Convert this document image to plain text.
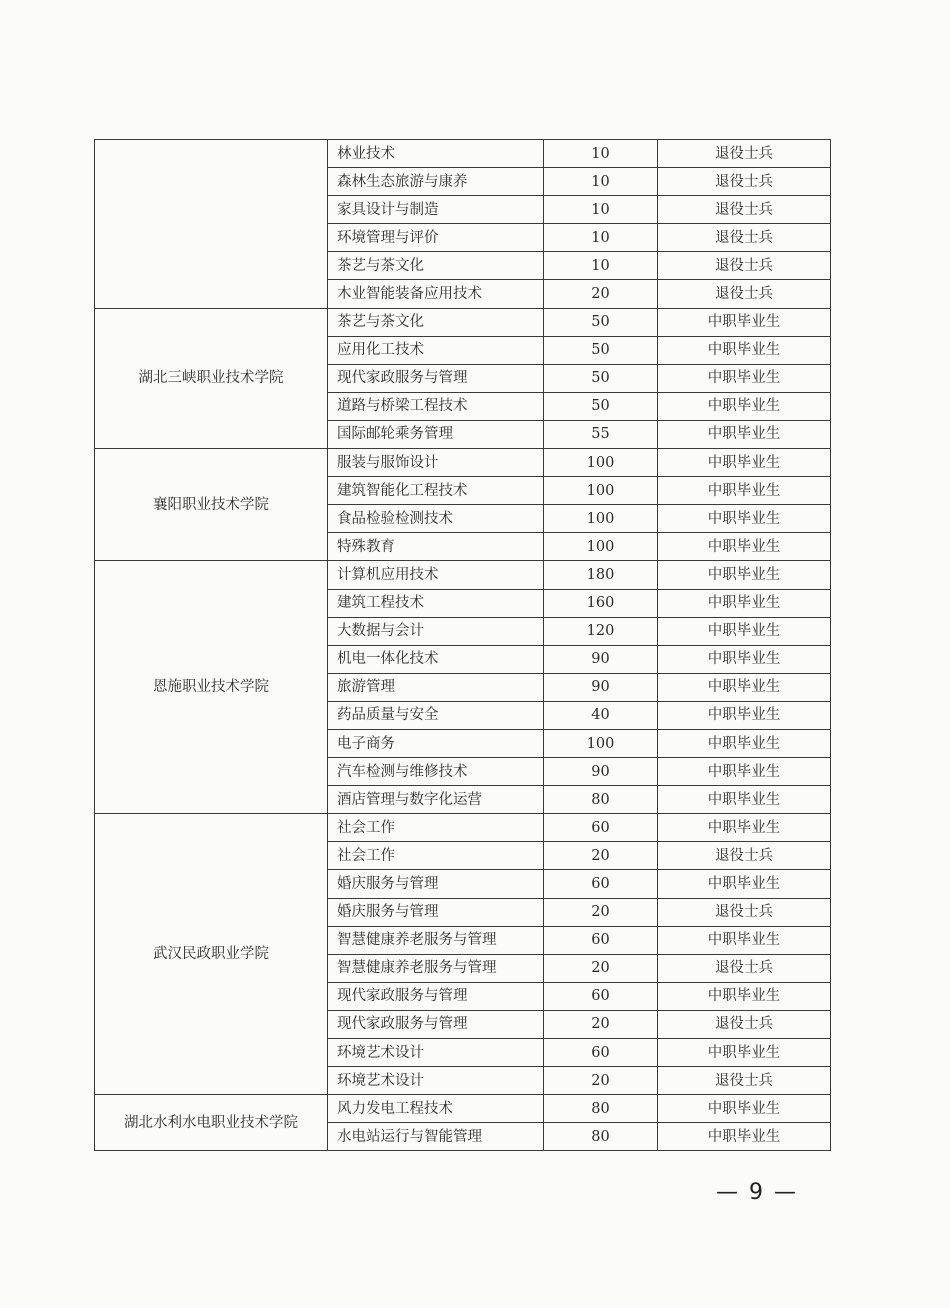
	林业技术	10	退役士兵
	森林生态旅游与康养	10	退役士兵
	家具设计与制造	10	退役士兵
	环境管理与评价	10	退役士兵
	茶艺与茶文化	10	退役士兵
	木业智能装备应用技术	20	退役士兵
湖北三峡职业技术学院	茶艺与茶文化	50	中职毕业生
	应用化工技术	50	中职毕业生
	现代家政服务与管理	50	中职毕业生
	道路与桥梁工程技术	50	中职毕业生
	国际邮轮乘务管理	55	中职毕业生
襄阳职业技术学院	服装与服饰设计	100	中职毕业生
	建筑智能化工程技术	100	中职毕业生
	食品检验检测技术	100	中职毕业生
	特殊教育	100	中职毕业生
恩施职业技术学院	计算机应用技术	180	中职毕业生
	建筑工程技术	160	中职毕业生
	大数据与会计	120	中职毕业生
	机电一体化技术	90	中职毕业生
	旅游管理	90	中职毕业生
	药品质量与安全	40	中职毕业生
	电子商务	100	中职毕业生
	汽车检测与维修技术	90	中职毕业生
	酒店管理与数字化运营	80	中职毕业生
武汉民政职业学院	社会工作	60	中职毕业生
	社会工作	20	退役士兵
	婚庆服务与管理	60	中职毕业生
	婚庆服务与管理	20	退役士兵
	智慧健康养老服务与管理	60	中职毕业生
	智慧健康养老服务与管理	20	退役士兵
	现代家政服务与管理	60	中职毕业生
	现代家政服务与管理	20	退役士兵
	环境艺术设计	60	中职毕业生
	环境艺术设计	20	退役士兵
湖北水利水电职业技术学院	风力发电工程技术	80	中职毕业生
	水电站运行与智能管理	80	中职毕业生
— 9 —
